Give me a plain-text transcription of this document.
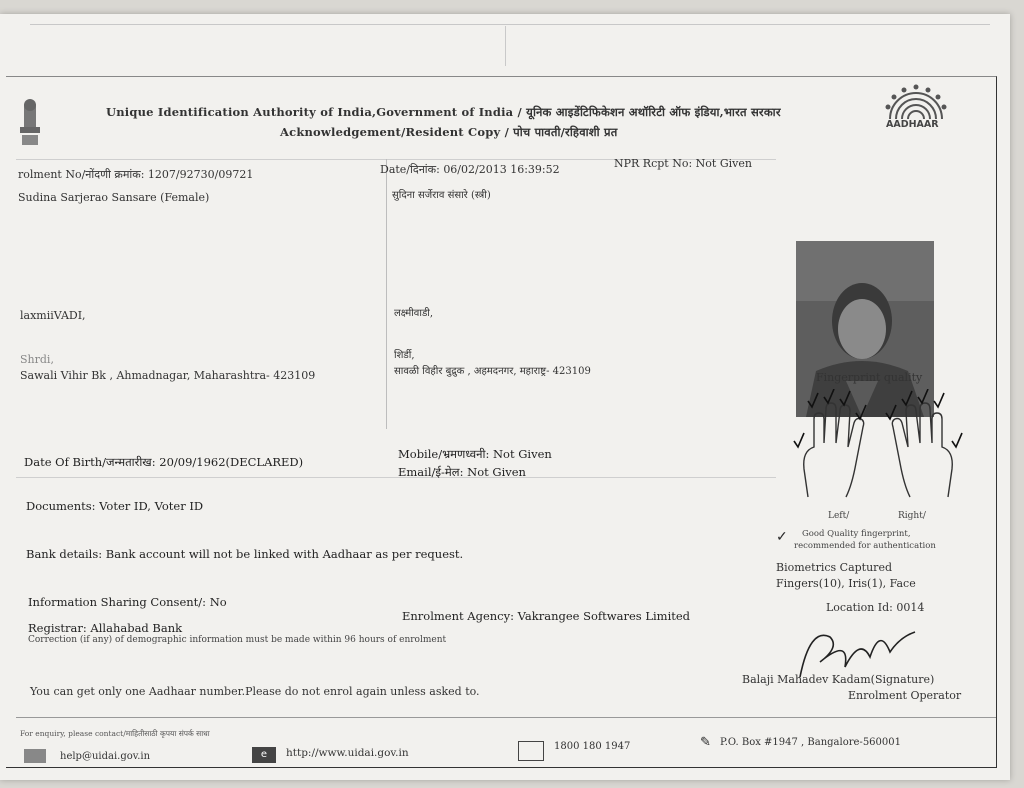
Unique Identification Authority of India,Government of India / यूनिक आइडेंटिफिकेशन अथॉरिटी ऑफ इंडिया,भारत सरकार
Acknowledgement/Resident Copy / पोच पावती/रहिवाशी प्रत
AADHAAR
rolment No/नोंदणी क्रमांक: 1207/92730/09721	Date/दिनांक: 06/02/2013 16:39:52	NPR Rcpt No: Not Given
Sudina Sarjerao Sansare (Female)	सुदिना सर्जेराव संसारे (स्त्री)
laxmiiVADI,	लक्ष्मीवाडी,
Shrdi,	शिर्डी,
Sawali Vihir Bk , Ahmadnagar, Maharashtra- 423109	सावळी विहीर बुद्रुक , अहमदनगर, महाराष्ट्र- 423109
Date Of Birth/जन्मतारीख: 20/09/1962(DECLARED)
Mobile/भ्रमणध्वनी: Not Given
Email/ई-मेल: Not Given
Documents: Voter ID, Voter ID
Bank details: Bank account will not be linked with Aadhaar as per request.
Information Sharing Consent/: No
Registrar: Allahabad Bank
Enrolment Agency: Vakrangee Softwares Limited
Correction (if any) of demographic information must be made within 96 hours of enrolment
You can get only one Aadhaar number.Please do not enrol again unless asked to.
Fingerprint quality
Left/	Right/
✓ Good Quality fingerprint,
recommended for authentication
Biometrics Captured
Fingers(10), Iris(1), Face
Location Id: 0014
Balaji Mahadev Kadam(Signature)
Enrolment Operator
For enquiry, please contact/माहितीसाठी कृपया संपर्क साधा
help@uidai.gov.in	e	http://www.uidai.gov.in
1800 180 1947	✎ P.O. Box #1947 , Bangalore-560001
